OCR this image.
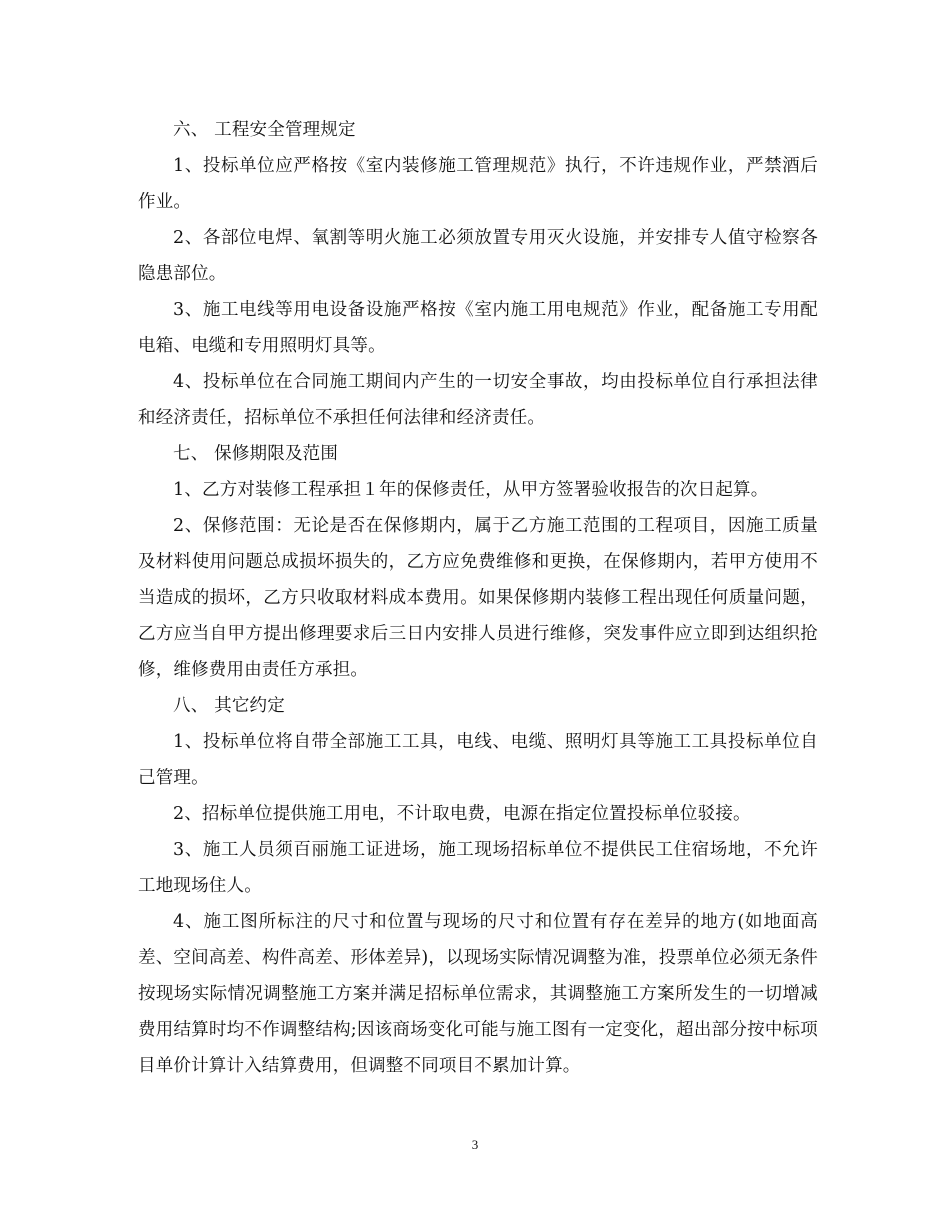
六、 工程安全管理规定

1、投标单位应严格按《室内装修施工管理规范》执行，不许违规作业，严禁酒后作业。

2、各部位电焊、氧割等明火施工必须放置专用灭火设施，并安排专人值守检察各隐患部位。

3、施工电线等用电设备设施严格按《室内施工用电规范》作业，配备施工专用配电箱、电缆和专用照明灯具等。

4、投标单位在合同施工期间内产生的一切安全事故，均由投标单位自行承担法律和经济责任，招标单位不承担任何法律和经济责任。

七、 保修期限及范围

1、乙方对装修工程承担１年的保修责任，从甲方签署验收报告的次日起算。

2、保修范围：无论是否在保修期内，属于乙方施工范围的工程项目，因施工质量及材料使用问题总成损坏损失的，乙方应免费维修和更换，在保修期内，若甲方使用不当造成的损坏，乙方只收取材料成本费用。如果保修期内装修工程出现任何质量问题，乙方应当自甲方提出修理要求后三日内安排人员进行维修，突发事件应立即到达组织抢修，维修费用由责任方承担。

八、 其它约定

1、投标单位将自带全部施工工具，电线、电缆、照明灯具等施工工具投标单位自己管理。

2、招标单位提供施工用电，不计取电费，电源在指定位置投标单位驳接。

3、施工人员须百丽施工证进场，施工现场招标单位不提供民工住宿场地，不允许工地现场住人。

4、施工图所标注的尺寸和位置与现场的尺寸和位置有存在差异的地方(如地面高差、空间高差、构件高差、形体差异)，以现场实际情况调整为准，投票单位必须无条件按现场实际情况调整施工方案并满足招标单位需求，其调整施工方案所发生的一切增减费用结算时均不作调整结构;因该商场变化可能与施工图有一定变化，超出部分按中标项目单价计算计入结算费用，但调整不同项目不累加计算。

3
